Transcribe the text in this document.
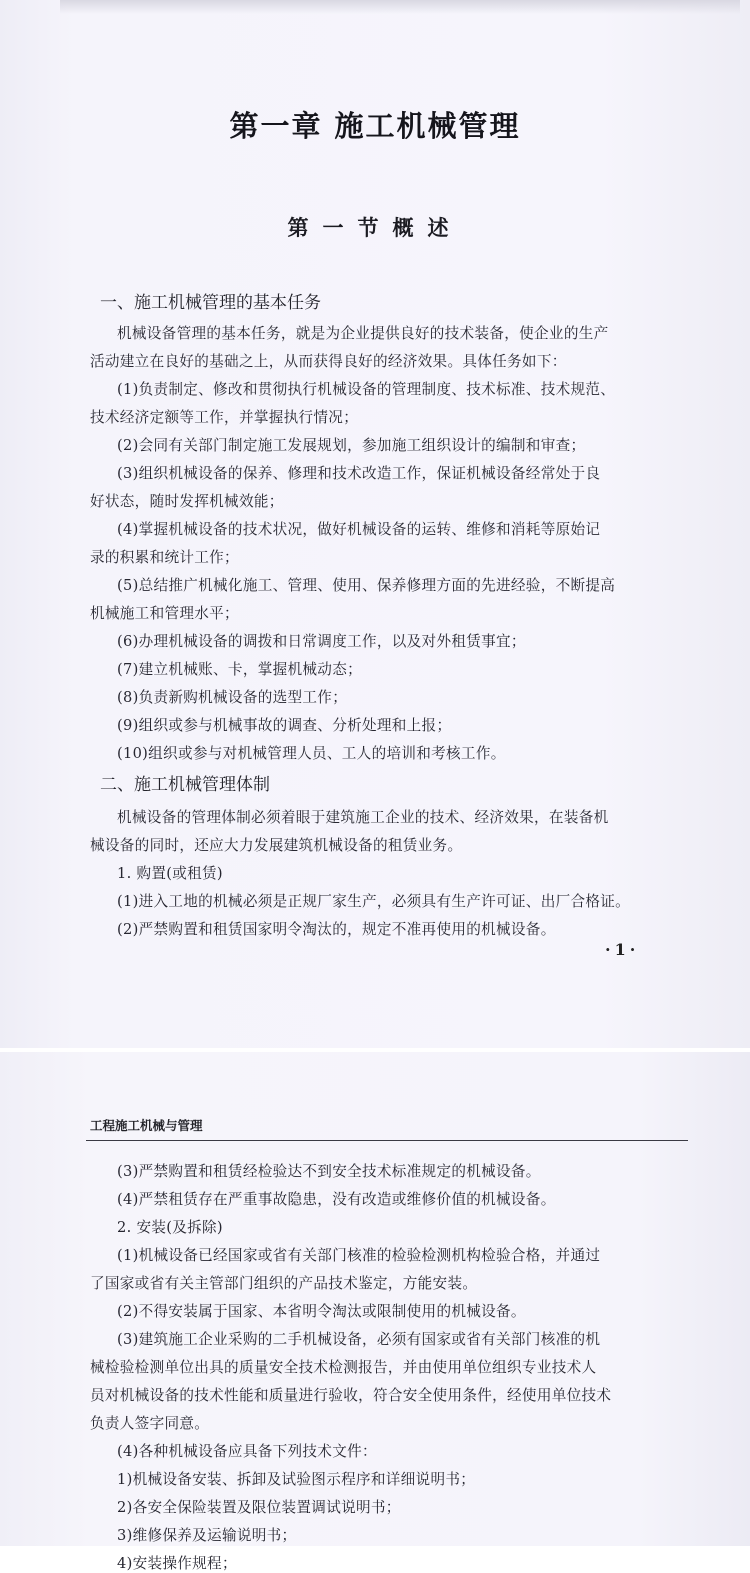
第一章 施工机械管理
第一节概述
一、施工机械管理的基本任务
机械设备管理的基本任务，就是为企业提供良好的技术装备，使企业的生产
活动建立在良好的基础之上，从而获得良好的经济效果。具体任务如下：
(1)负责制定、修改和贯彻执行机械设备的管理制度、技术标准、技术规范、
技术经济定额等工作，并掌握执行情况；
(2)会同有关部门制定施工发展规划，参加施工组织设计的编制和审查；
(3)组织机械设备的保养、修理和技术改造工作，保证机械设备经常处于良
好状态，随时发挥机械效能；
(4)掌握机械设备的技术状况，做好机械设备的运转、维修和消耗等原始记
录的积累和统计工作；
(5)总结推广机械化施工、管理、使用、保养修理方面的先进经验，不断提高
机械施工和管理水平；
(6)办理机械设备的调拨和日常调度工作，以及对外租赁事宜；
(7)建立机械账、卡，掌握机械动态；
(8)负责新购机械设备的选型工作；
(9)组织或参与机械事故的调查、分析处理和上报；
(10)组织或参与对机械管理人员、工人的培训和考核工作。
二、施工机械管理体制
机械设备的管理体制必须着眼于建筑施工企业的技术、经济效果，在装备机
械设备的同时，还应大力发展建筑机械设备的租赁业务。
1. 购置(或租赁)
(1)进入工地的机械必须是正规厂家生产，必须具有生产许可证、出厂合格证。
(2)严禁购置和租赁国家明令淘汰的，规定不准再使用的机械设备。
·1·
工程施工机械与管理
(3)严禁购置和租赁经检验达不到安全技术标准规定的机械设备。
(4)严禁租赁存在严重事故隐患，没有改造或维修价值的机械设备。
2. 安装(及拆除)
(1)机械设备已经国家或省有关部门核准的检验检测机构检验合格，并通过
了国家或省有关主管部门组织的产品技术鉴定，方能安装。
(2)不得安装属于国家、本省明令淘汰或限制使用的机械设备。
(3)建筑施工企业采购的二手机械设备，必须有国家或省有关部门核准的机
械检验检测单位出具的质量安全技术检测报告，并由使用单位组织专业技术人
员对机械设备的技术性能和质量进行验收，符合安全使用条件，经使用单位技术
负责人签字同意。
(4)各种机械设备应具备下列技术文件：
1)机械设备安装、拆卸及试验图示程序和详细说明书；
2)各安全保险装置及限位装置调试说明书；
3)维修保养及运输说明书；
4)安装操作规程；
